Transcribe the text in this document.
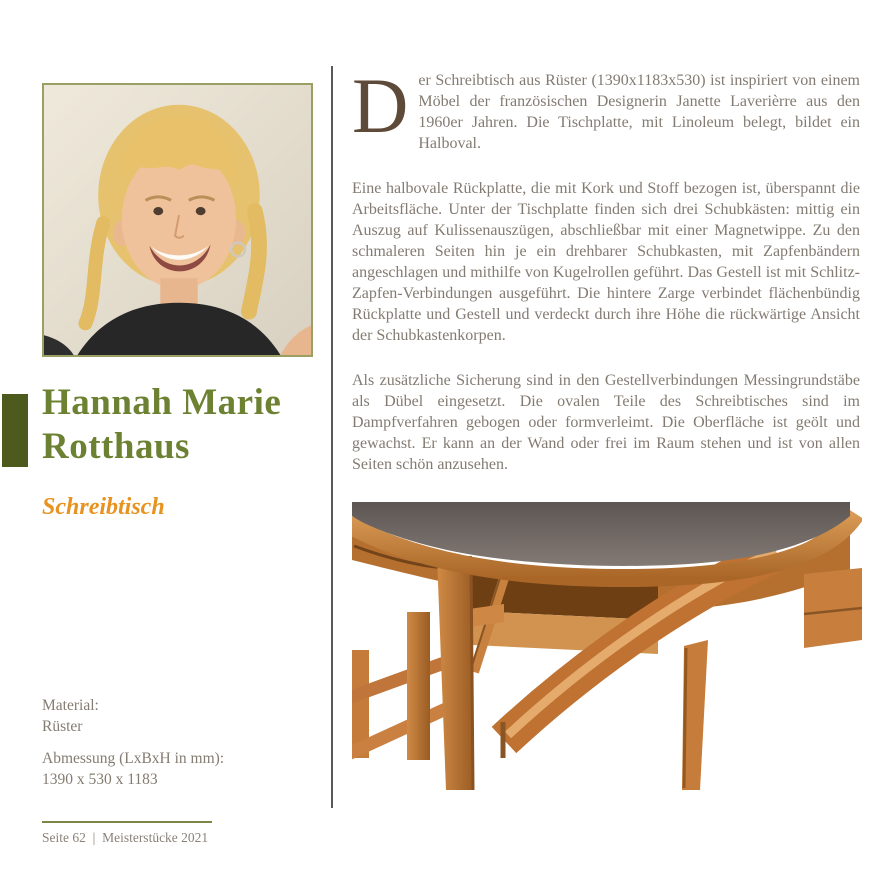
Hannah Marie
Rotthaus
Schreibtisch
Material:
Rüster
Abmessung (LxBxH in mm):
1390 x 530 x 1183
Seite 62  |  Meisterstücke 2021

Der Schreibtisch aus Rüster (1390x1183x530) ist inspiriert von einem Möbel der französischen Designerin Janette Laverièrre aus den 1960er Jahren. Die Tischplatte, mit Linoleum belegt, bildet ein Halboval.

Eine halbovale Rückplatte, die mit Kork und Stoff bezogen ist, überspannt die Arbeitsfläche. Unter der Tischplatte finden sich drei Schubkästen: mittig ein Auszug auf Kulissenauszügen, abschließbar mit einer Magnetwippe. Zu den schmaleren Seiten hin je ein drehbarer Schubkasten, mit Zapfenbändern angeschlagen und mithilfe von Kugelrollen geführt. Das Gestell ist mit Schlitz-Zapfen-Verbindungen ausgeführt. Die hintere Zarge verbindet flächenbündig Rückplatte und Gestell und verdeckt durch ihre Höhe die rückwärtige Ansicht der Schubkastenkorpen.

Als zusätzliche Sicherung sind in den Gestellverbindungen Messingrundstäbe als Dübel eingesetzt. Die ovalen Teile des Schreibtisches sind im Dampfverfahren gebogen oder formverleimt. Die Oberfläche ist geölt und gewachst. Er kann an der Wand oder frei im Raum stehen und ist von allen Seiten schön anzusehen.
